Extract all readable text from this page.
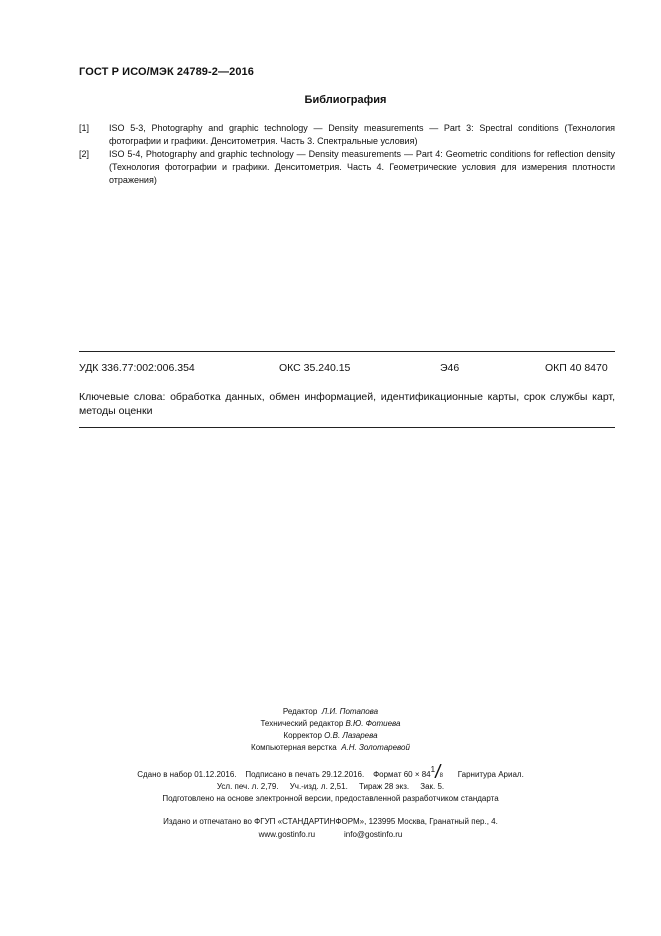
ГОСТ Р ИСО/МЭК 24789-2—2016
Библиография
[1] ISO 5-3, Photography and graphic technology — Density measurements — Part 3: Spectral conditions (Технология фотографии и графики. Денситометрия. Часть 3. Спектральные условия)
[2] ISO 5-4, Photography and graphic technology — Density measurements — Part 4: Geometric conditions for reflection density (Технология фотографии и графики. Денситометрия. Часть 4. Геометрические условия для измерения плотности отражения)
УДК 336.77:002:006.354	ОКС 35.240.15	Э46	ОКП 40 8470
Ключевые слова: обработка данных, обмен информацией, идентификационные карты, срок службы карт, методы оценки
Редактор Л.И. Потапова
Технический редактор В.Ю. Фотиева
Корректор О.В. Лазарева
Компьютерная верстка А.Н. Золотаревой
Сдано в набор 01.12.2016. Подписано в печать 29.12.2016. Формат 60 × 84
1
8 Гарнитура Ариал.
Усл. печ. л. 2,79. Уч.-изд. л. 2,51. Тираж 28 экз. Зак. 5.
Подготовлено на основе электронной версии, предоставленной разработчиком стандарта
Издано и отпечатано во ФГУП «СТАНДАРТИНФОРМ», 123995 Москва, Гранатный пер., 4.
www.gostinfo.ru	info@gostinfo.ru
